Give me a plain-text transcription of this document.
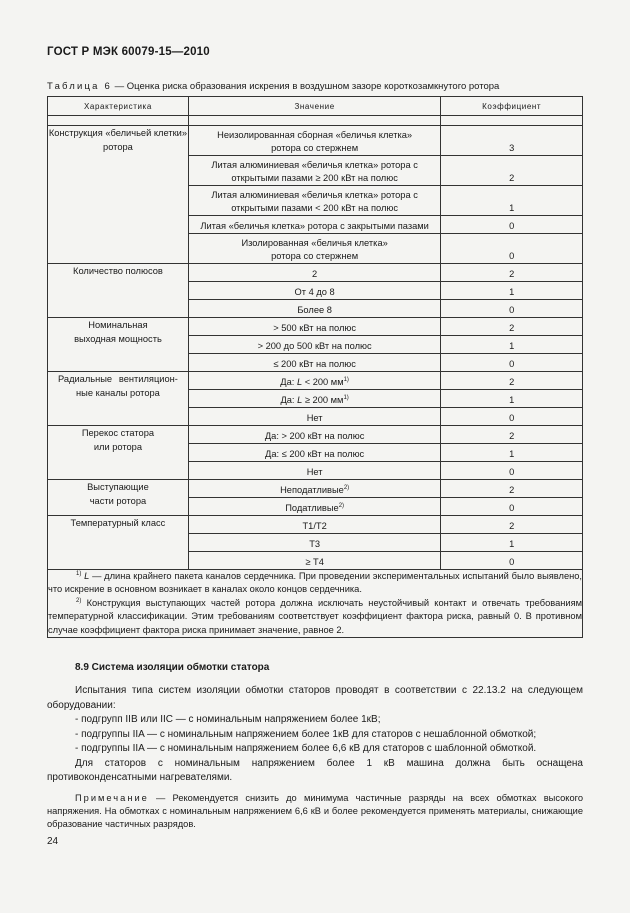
ГОСТ Р МЭК 60079-15—2010
Таблица 6 — Оценка риска образования искрения в воздушном зазоре короткозамкнутого ротора
Характеристика	Значение	Коэффициент

Конструкция «беличьей клетки» ротора	Неизолированная сборная «беличья клетка» ротора со стержнем	3
	Литая алюминиевая «беличья клетка» ротора с открытыми пазами ≥ 200 кВт на полюс	2
	Литая алюминиевая «беличья клетка» ротора с открытыми пазами < 200 кВт на полюс	1
	Литая «беличья клетка» ротора с закрытыми пазами	0
	Изолированная «беличья клетка» ротора со стержнем	0
Количество полюсов	2	2
	От 4 до 8	1
	Более 8	0
Номинальная выходная мощность	> 500 кВт на полюс	2
	> 200 до 500 кВт на полюс	1
	≤ 200 кВт на полюс	0
Радиальные вентиляцион-ные каналы ротора	Да: L < 200 $мм^{1)}$	2
	Да: L ≥ 200 $мм^{1)}$	1
	Нет	0
Перекос статора или ротора	Да: > 200 кВт на полюс	2
	Да: ≤ 200 кВт на полюс	1
	Нет	0
Выступающие части ротора	Неподатливые$^{2)}$	2
	Податливые$^{2)}$	0
Температурный класс	Т1/Т2	2
	Т3	1
	≥ Т4	0

$^{1)}$ L — длина крайнего пакета каналов сердечника. При проведении экспериментальных испытаний было выявлено, что искрение в основном возникает в каналах около концов сердечника.

$^{2)}$ Конструкция выступающих частей ротора должна исключать неустойчивый контакт и отвечать требованиям температурной классификации. Этим требованиям соответствует коэффициент фактора риска, равный 0. В противном случае коэффициент фактора риска принимает значение, равное 2.		

8.9 Система изоляции обмотки статора

Испытания типа систем изоляции обмотки статоров проводят в соответствии с 22.13.2 на следующем оборудовании:

- подгрупп IIB или IIC — с номинальным напряжением более 1кВ;

- подгруппы IIA — с номинальным напряжением более 1кВ для статоров с нешаблонной обмоткой;

- подгруппы IIA — с номинальным напряжением более 6,6 кВ для статоров с шаблонной обмоткой.

Для статоров с номинальным напряжением более 1 кВ машина должна быть оснащена противоконденсатными нагревателями.

Примечание — Рекомендуется снизить до минимума частичные разряды на всех обмотках высокого напряжения. На обмотках с номинальным напряжением 6,6 кВ и более рекомендуется применять материалы, снижающие образование частичных разрядов.

24
